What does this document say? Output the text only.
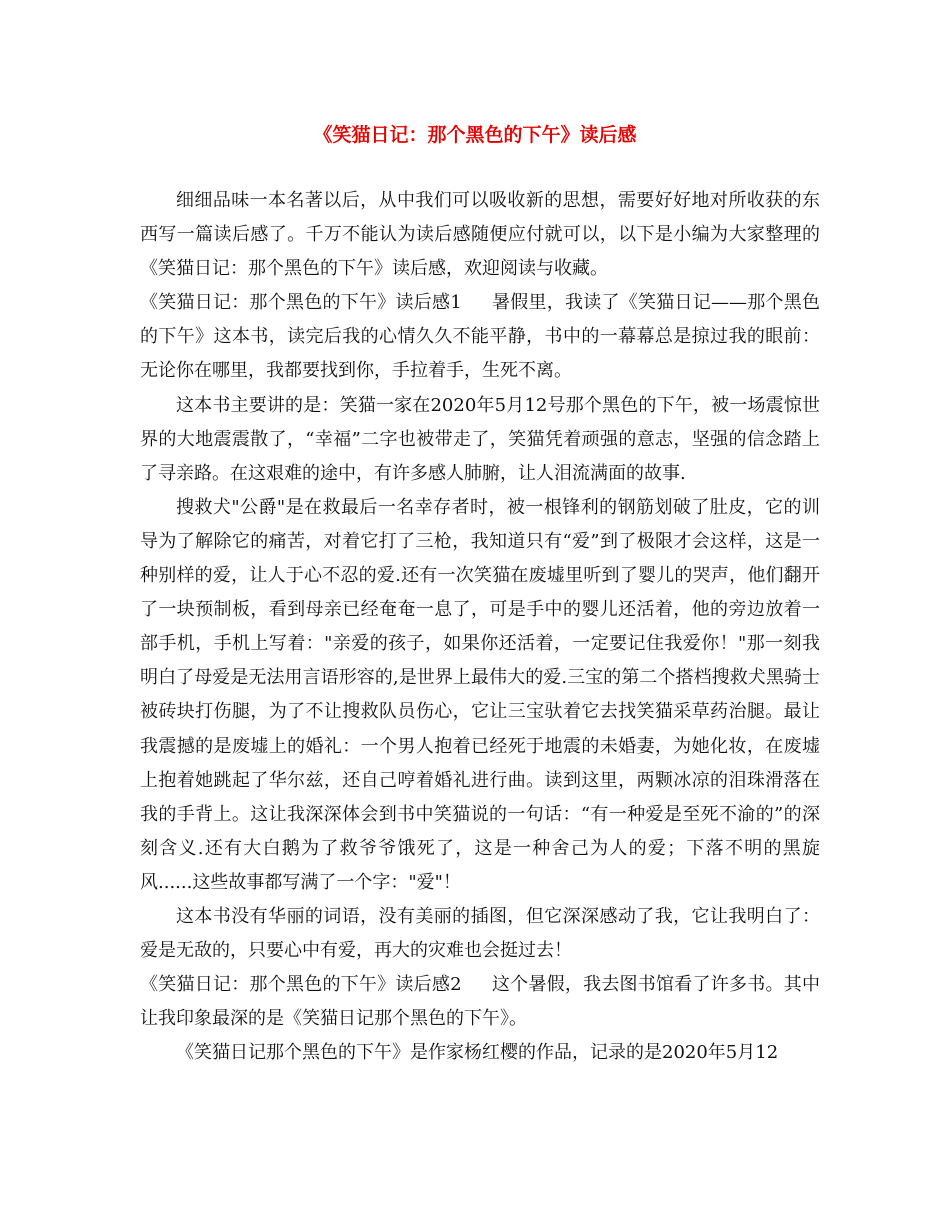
《笑猫日记：那个黑色的下午》读后感

细细品味一本名著以后，从中我们可以吸收新的思想，需要好好地对所收获的东西写一篇读后感了。千万不能认为读后感随便应付就可以，以下是小编为大家整理的《笑猫日记：那个黑色的下午》读后感，欢迎阅读与收藏。

《笑猫日记：那个黑色的下午》读后感1 暑假里，我读了《笑猫日记——那个黑色的下午》这本书，读完后我的心情久久不能平静，书中的一幕幕总是掠过我的眼前：无论你在哪里，我都要找到你，手拉着手，生死不离。

这本书主要讲的是：笑猫一家在2020年5月12号那个黑色的下午，被一场震惊世界的大地震震散了，“幸福”二字也被带走了，笑猫凭着顽强的意志，坚强的信念踏上了寻亲路。在这艰难的途中，有许多感人肺腑，让人泪流满面的故事.

搜救犬"公爵"是在救最后一名幸存者时，被一根锋利的钢筋划破了肚皮，它的训导为了解除它的痛苦，对着它打了三枪，我知道只有“爱”到了极限才会这样，这是一种别样的爱，让人于心不忍的爱.还有一次笑猫在废墟里听到了婴儿的哭声，他们翻开了一块预制板，看到母亲已经奄奄一息了，可是手中的婴儿还活着，他的旁边放着一部手机，手机上写着："亲爱的孩子，如果你还活着，一定要记住我爱你！"那一刻我明白了母爱是无法用言语形容的,是世界上最伟大的爱.三宝的第二个搭档搜救犬黑骑士被砖块打伤腿，为了不让搜救队员伤心，它让三宝驮着它去找笑猫采草药治腿。最让我震撼的是废墟上的婚礼：一个男人抱着已经死于地震的未婚妻，为她化妆，在废墟上抱着她跳起了华尔兹，还自己哼着婚礼进行曲。读到这里，两颗冰凉的泪珠滑落在我的手背上。这让我深深体会到书中笑猫说的一句话：“有一种爱是至死不渝的”的深刻含义.还有大白鹅为了救爷爷饿死了，这是一种舍己为人的爱；下落不明的黑旋风......这些故事都写满了一个字："爱"！

这本书没有华丽的词语，没有美丽的插图，但它深深感动了我，它让我明白了：爱是无敌的，只要心中有爱，再大的灾难也会挺过去！

《笑猫日记：那个黑色的下午》读后感2 这个暑假，我去图书馆看了许多书。其中让我印象最深的是《笑猫日记那个黑色的下午》。

《笑猫日记那个黑色的下午》是作家杨红樱的作品，记录的是2020年5月12
